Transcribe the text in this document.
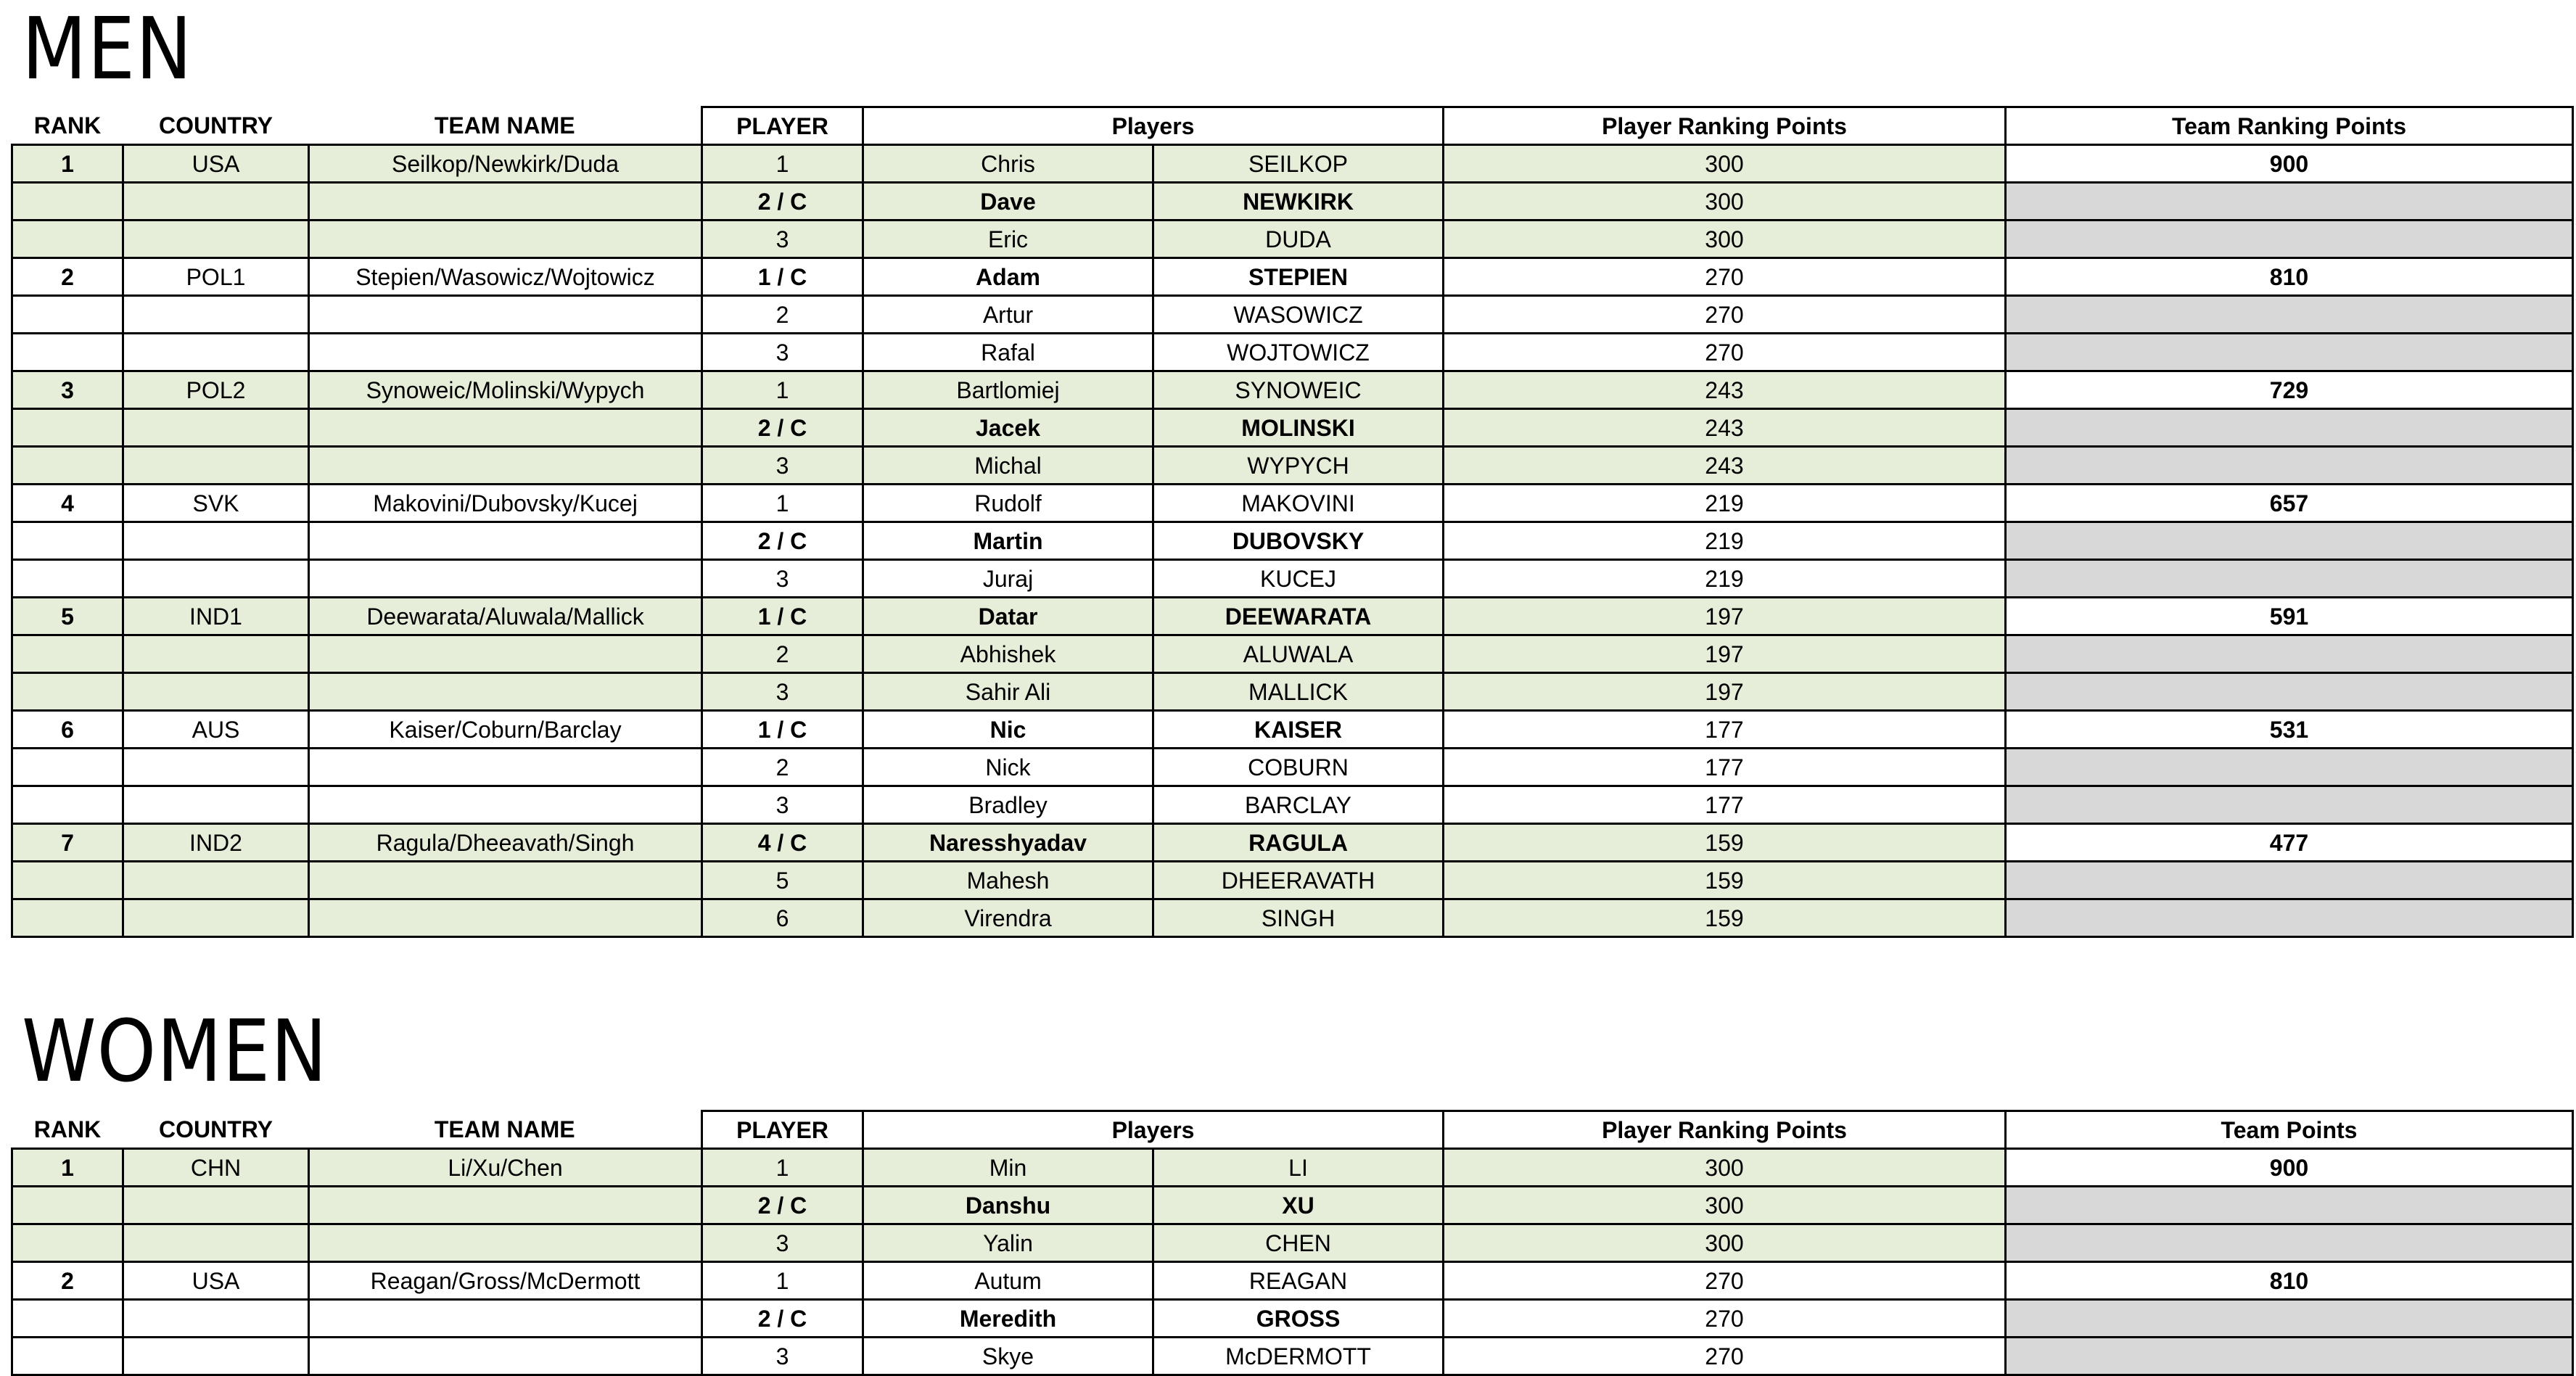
MEN
RANK	COUNTRY	TEAM NAME	PLAYER	Players		Player Ranking Points	Team Ranking Points
1	USA	Seilkop/Newkirk/Duda	1	Chris	SEILKOP	300	900
			2 / C	Dave	NEWKIRK	300	
			3	Eric	DUDA	300	
2	POL1	Stepien/Wasowicz/Wojtowicz	1 / C	Adam	STEPIEN	270	810
			2	Artur	WASOWICZ	270	
			3	Rafal	WOJTOWICZ	270	
3	POL2	Synoweic/Molinski/Wypych	1	Bartlomiej	SYNOWEIC	243	729
			2 / C	Jacek	MOLINSKI	243	
			3	Michal	WYPYCH	243	
4	SVK	Makovini/Dubovsky/Kucej	1	Rudolf	MAKOVINI	219	657
			2 / C	Martin	DUBOVSKY	219	
			3	Juraj	KUCEJ	219	
5	IND1	Deewarata/Aluwala/Mallick	1 / C	Datar	DEEWARATA	197	591
			2	Abhishek	ALUWALA	197	
			3	Sahir Ali	MALLICK	197	
6	AUS	Kaiser/Coburn/Barclay	1 / C	Nic	KAISER	177	531
			2	Nick	COBURN	177	
			3	Bradley	BARCLAY	177	
7	IND2	Ragula/Dheeavath/Singh	4 / C	Naresshyadav	RAGULA	159	477
			5	Mahesh	DHEERAVATH	159	
			6	Virendra	SINGH	159	
WOMEN
RANK	COUNTRY	TEAM NAME	PLAYER	Players		Player Ranking Points	Team Points
1	CHN	Li/Xu/Chen	1	Min	LI	300	900
			2 / C	Danshu	XU	300	
			3	Yalin	CHEN	300	
2	USA	Reagan/Gross/McDermott	1	Autum	REAGAN	270	810
			2 / C	Meredith	GROSS	270	
			3	Skye	McDERMOTT	270	
